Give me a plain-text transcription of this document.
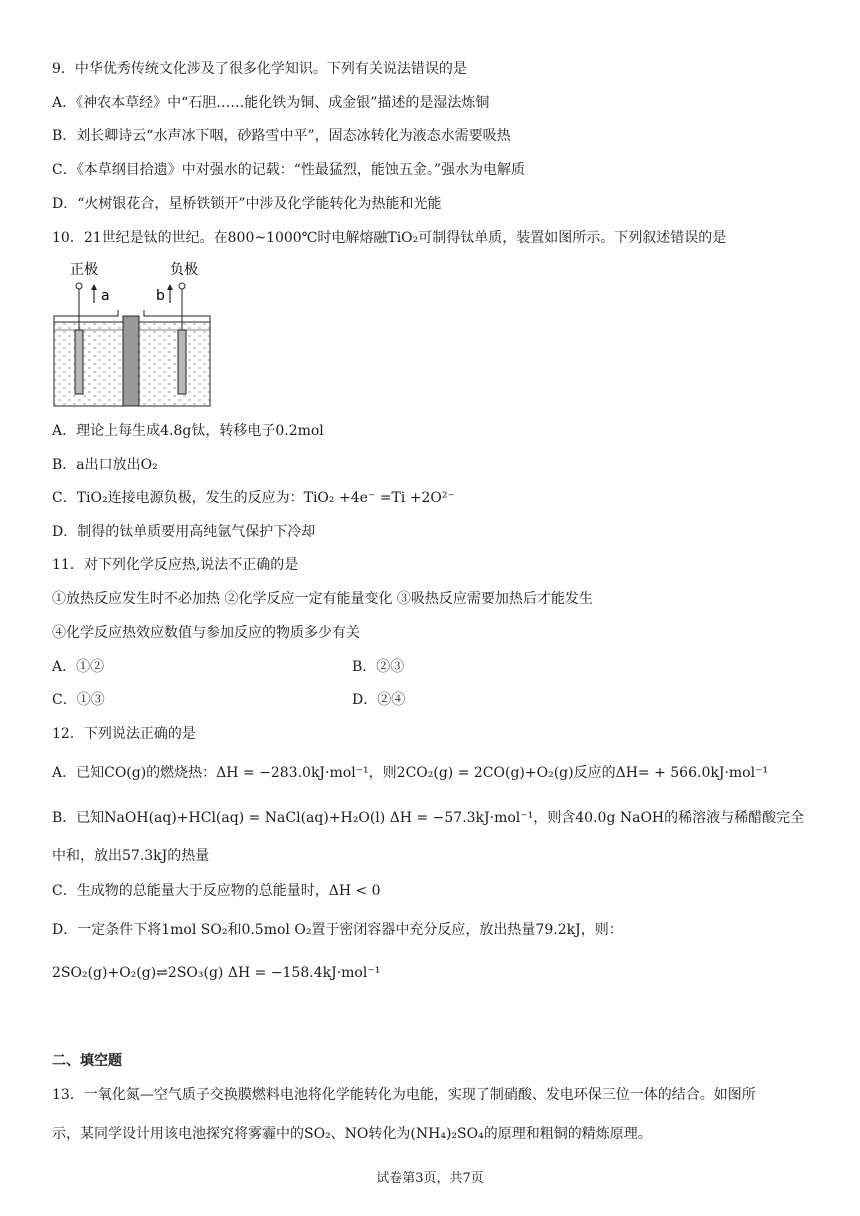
9．中华优秀传统文化涉及了很多化学知识。下列有关说法错误的是
A．《神农本草经》中“石胆……能化铁为铜、成金银”描述的是湿法炼铜
B．刘长卿诗云“水声冰下咽，砂路雪中平”，固态冰转化为液态水需要吸热
C．《本草纲目拾遗》中对强水的记载：“性最猛烈，能蚀五金。”强水为电解质
D．“火树银花合，星桥铁锁开”中涉及化学能转化为热能和光能
10．21世纪是钛的世纪。在800~1000℃时电解熔融TiO₂可制得钛单质，装置如图所示。下列叙述错误的是
正极	负极
a	b
A．理论上每生成4.8g钛，转移电子0.2mol
B．a出口放出O₂
C．TiO₂连接电源负极，发生的反应为：TiO₂ +4e⁻ =Ti +2O²⁻
D．制得的钛单质要用高纯氩气保护下冷却
11．对下列化学反应热,说法不正确的是
①放热反应发生时不必加热 ②化学反应一定有能量变化 ③吸热反应需要加热后才能发生
④化学反应热效应数值与参加反应的物质多少有关
A．①②	B．②③
C．①③	D．②④
12．下列说法正确的是
A．已知CO(g)的燃烧热：ΔH = −283.0kJ·mol⁻¹，则2CO₂(g) = 2CO(g)+O₂(g)反应的ΔH= + 566.0kJ·mol⁻¹
B．已知NaOH(aq)+HCl(aq) = NaCl(aq)+H₂O(l) ΔH = −57.3kJ·mol⁻¹，则含40.0g NaOH的稀溶液与稀醋酸完全
中和，放出57.3kJ的热量
C．生成物的总能量大于反应物的总能量时，ΔH < 0
D．一定条件下将1mol SO₂和0.5mol O₂置于密闭容器中充分反应，放出热量79.2kJ，则：
2SO₂(g)+O₂(g)⇌2SO₃(g) ΔH = −158.4kJ·mol⁻¹
二、填空题
13．一氧化氮—空气质子交换膜燃料电池将化学能转化为电能，实现了制硝酸、发电环保三位一体的结合。如图所
示，某同学设计用该电池探究将雾霾中的SO₂、NO转化为(NH₄)₂SO₄的原理和粗铜的精炼原理。
试卷第3页，共7页
